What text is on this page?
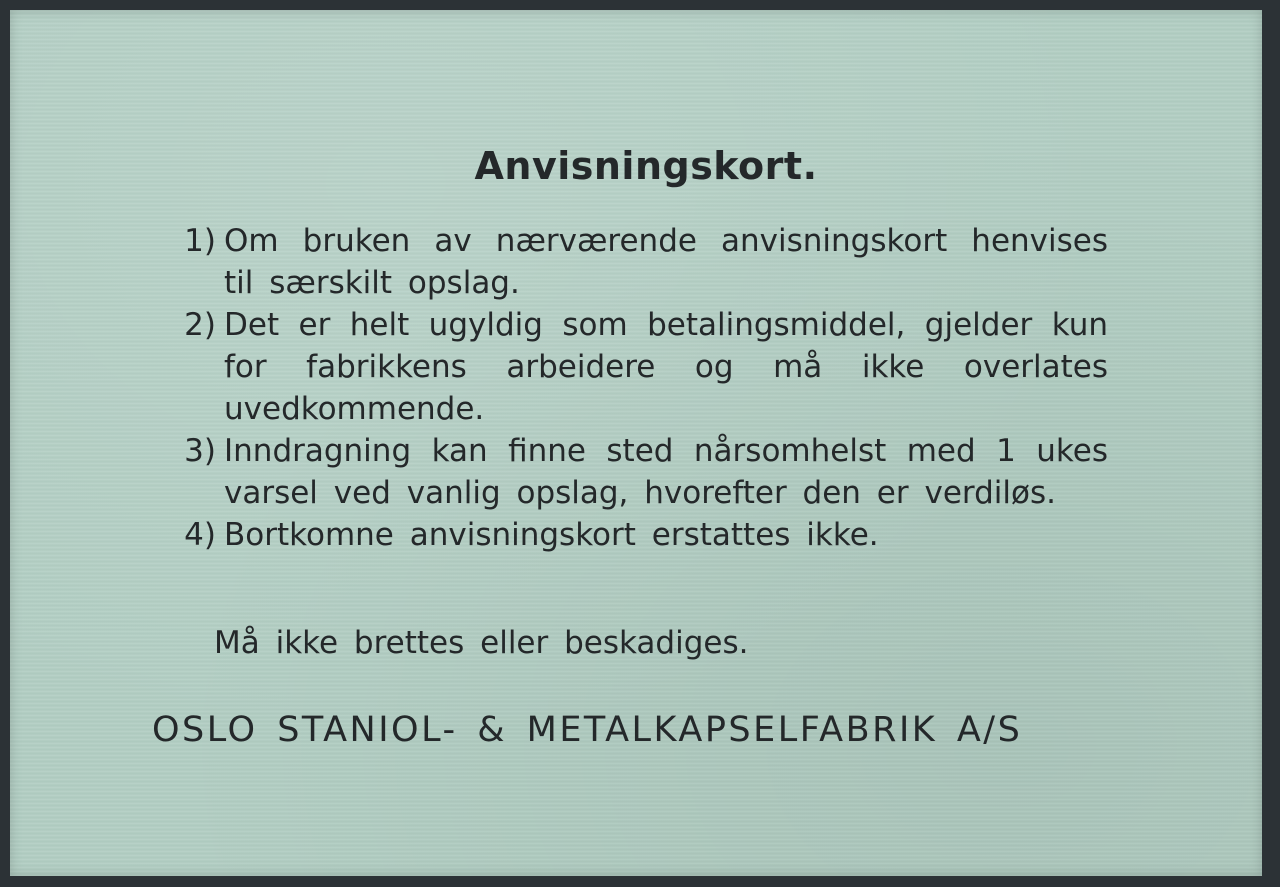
Anvisningskort.
1) Om bruken av nærværende anvisningskort henvises til særskilt opslag.
2) Det er helt ugyldig som betalingsmiddel, gjelder kun for fabrikkens arbeidere og må ikke overlates uvedkommende.
3) Inndragning kan finne sted nårsomhelst med 1 ukes varsel ved vanlig opslag, hvorefter den er verdiløs.
4) Bortkomne anvisningskort erstattes ikke.
Må ikke brettes eller beskadiges.
OSLO STANIOL- & METALKAPSELFABRIK A/S
